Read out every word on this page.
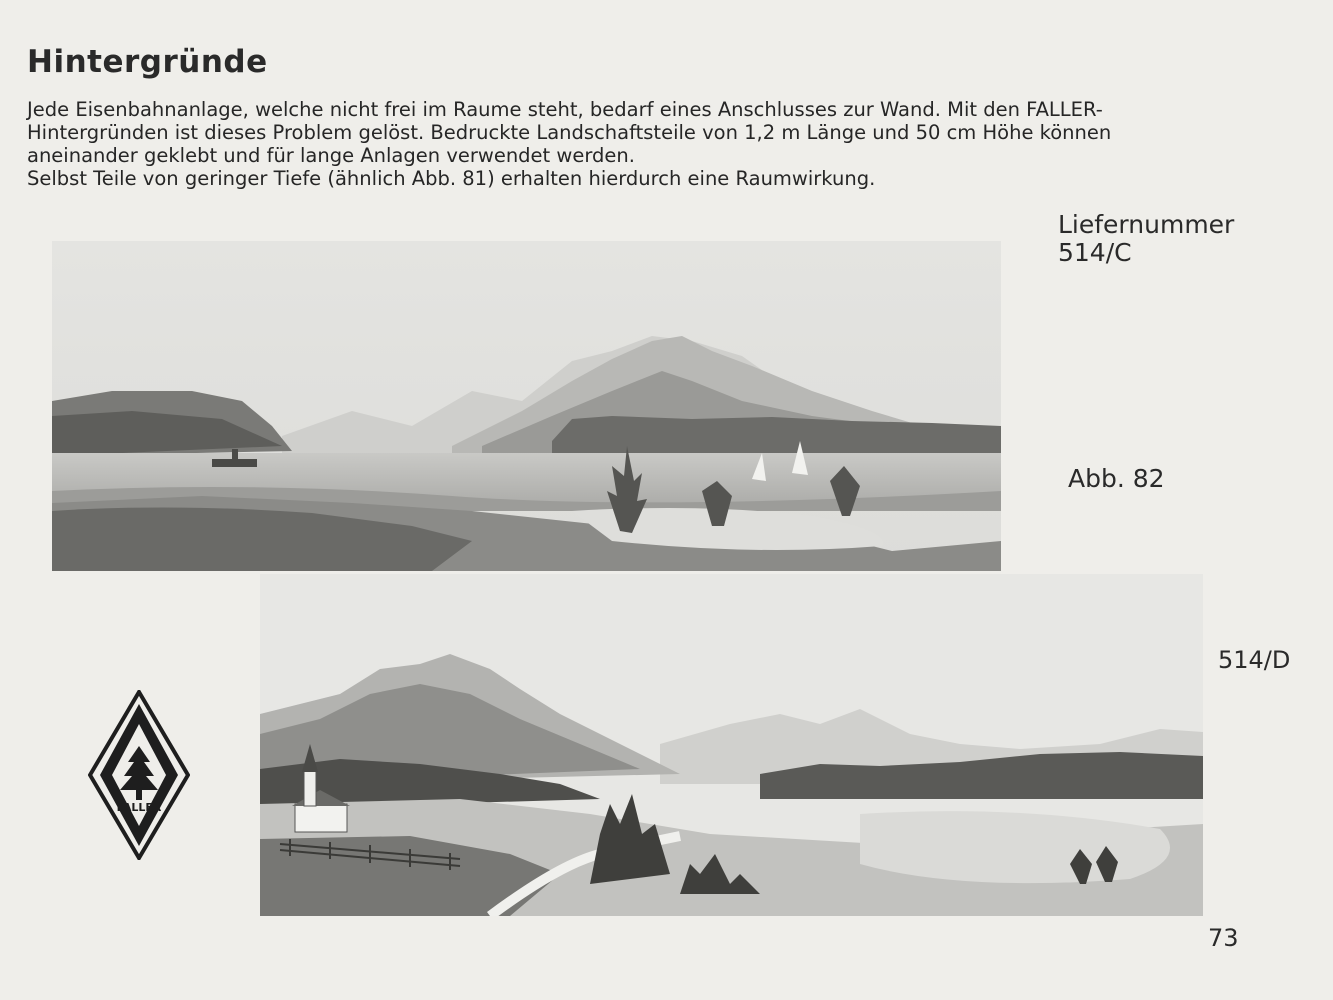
Hintergründe
Jede Eisenbahnanlage, welche nicht frei im Raume steht, bedarf eines Anschlusses zur Wand. Mit den FALLER-
Hintergründen ist dieses Problem gelöst. Bedruckte Landschaftsteile von 1,2 m Länge und 50 cm Höhe können
aneinander geklebt und für lange Anlagen verwendet werden.
Selbst Teile von geringer Tiefe (ähnlich Abb. 81) erhalten hierdurch eine Raumwirkung.
Liefernummer
514/C
Abb. 82
514/D
73
FALLER
